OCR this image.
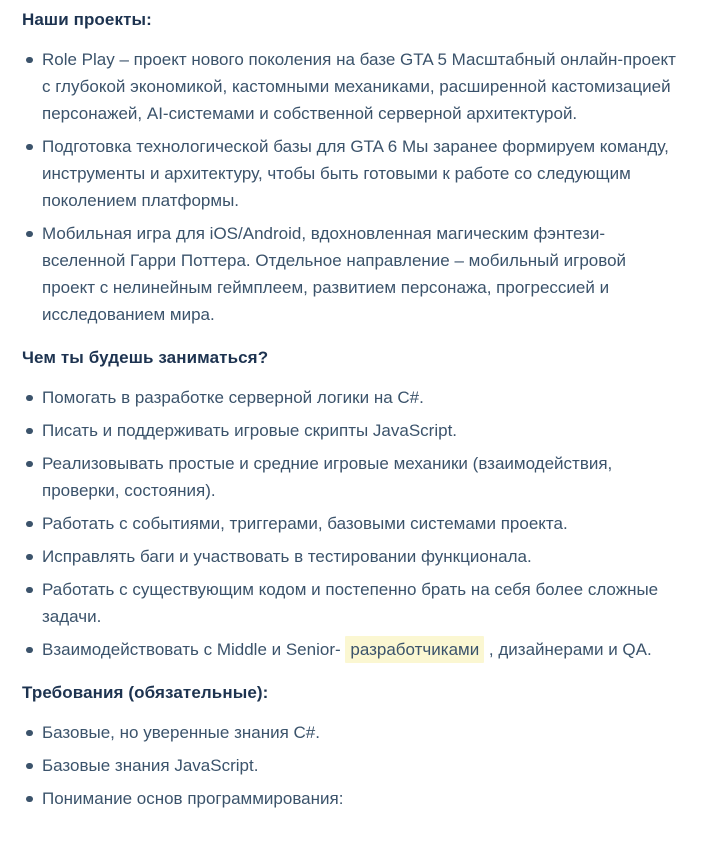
Наши проекты:
Role Play – проект нового поколения на базе GTA 5 Масштабный онлайн-проект с глубокой экономикой, кастомными механиками, расширенной кастомизацией персонажей, AI-системами и собственной серверной архитектурой.
Подготовка технологической базы для GTA 6 Мы заранее формируем команду, инструменты и архитектуру, чтобы быть готовыми к работе со следующим поколением платформы.
Мобильная игра для iOS/Android, вдохновленная магическим фэнтези-вселенной Гарри Поттера. Отдельное направление – мобильный игровой проект с нелинейным геймплеем, развитием персонажа, прогрессией и исследованием мира.
Чем ты будешь заниматься?
Помогать в разработке серверной логики на C#.
Писать и поддерживать игровые скрипты JavaScript.
Реализовывать простые и средние игровые механики (взаимодействия, проверки, состояния).
Работать с событиями, триггерами, базовыми системами проекта.
Исправлять баги и участвовать в тестировании функционала.
Работать с существующим кодом и постепенно брать на себя более сложные задачи.
Взаимодействовать с Middle и Senior- разработчиками , дизайнерами и QA.
Требования (обязательные):
Базовые, но уверенные знания C#.
Базовые знания JavaScript.
Понимание основ программирования:
